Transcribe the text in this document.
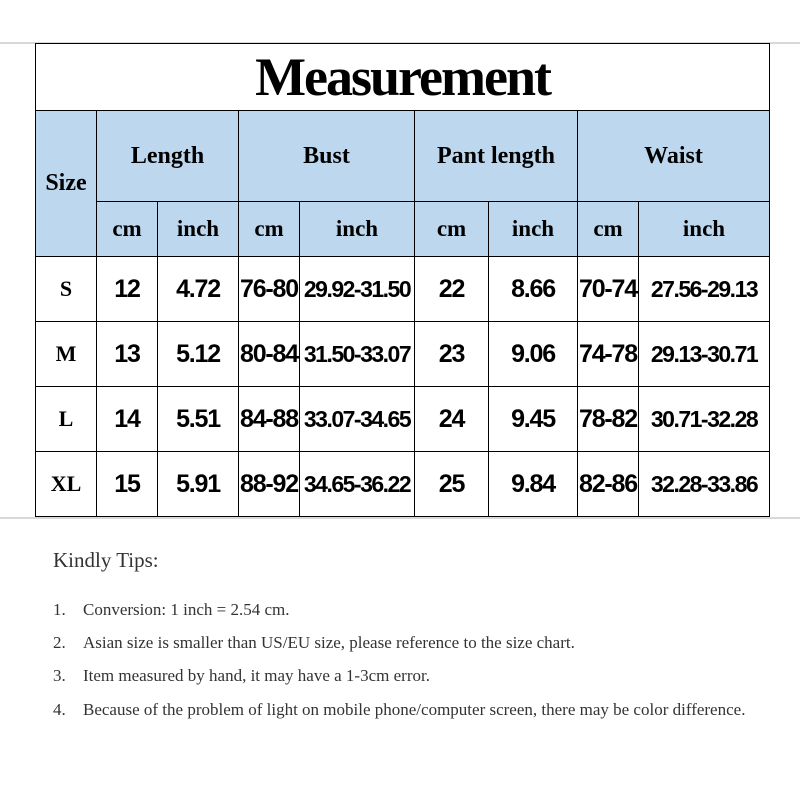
Measurement								
Size	Length		Bust		Pant length		Waist	
	cm	inch	cm	inch	cm	inch	cm	inch
S	12	4.72	76-80	29.92-31.50	22	8.66	70-74	27.56-29.13
M	13	5.12	80-84	31.50-33.07	23	9.06	74-78	29.13-30.71
L	14	5.51	84-88	33.07-34.65	24	9.45	78-82	30.71-32.28
XL	15	5.91	88-92	34.65-36.22	25	9.84	82-86	32.28-33.86
Kindly Tips:
1. Conversion: 1 inch = 2.54 cm.
2. Asian size is smaller than US/EU size, please reference to the size chart.
3. Item measured by hand, it may have a 1-3cm error.
4. Because of the problem of light on mobile phone/computer screen, there may be color difference.
